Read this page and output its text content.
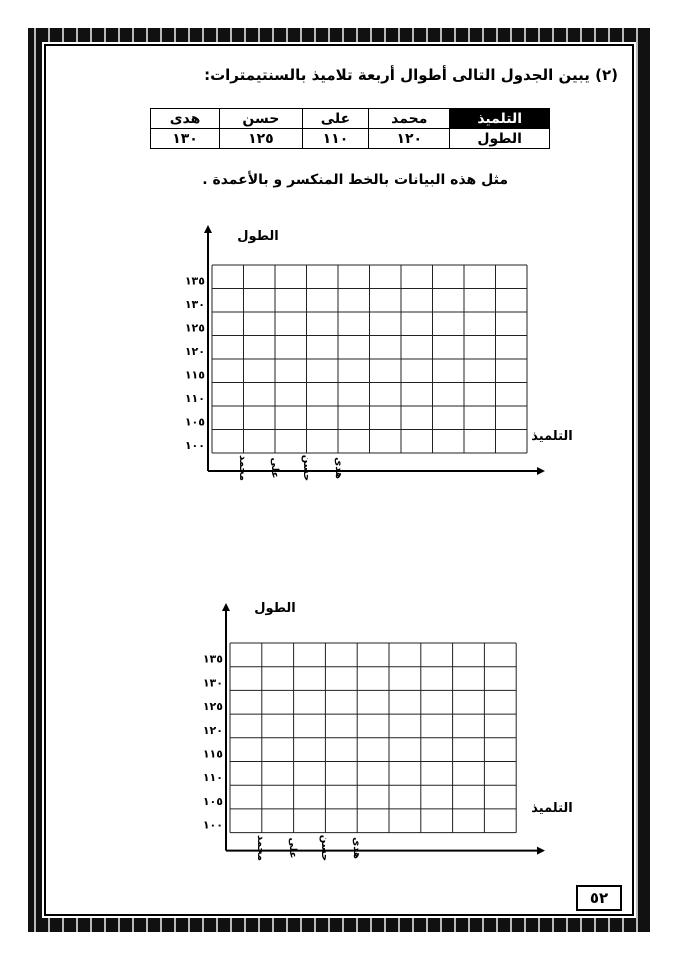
(٢) يبين الجدول التالى أطوال أربعة تلاميذ بالسنتيمترات:
التلميذ	محمد	على	حسن	هدى
الطول	١٢٠	١١٠	١٢٥	١٣٠
مثل هذه البيانات بالخط المنكسر و بالأعمدة .
١٠٠
١٠٥
١١٠
١١٥
١٢٠
١٢٥
١٣٠
١٣٥
الطول
التلميذ
محمد على حسن هدى
١٠٠
١٠٥
١١٠
١١٥
١٢٠
١٢٥
١٣٠
١٣٥
الطول
التلميذ
محمد على حسن هدى
٥٢
